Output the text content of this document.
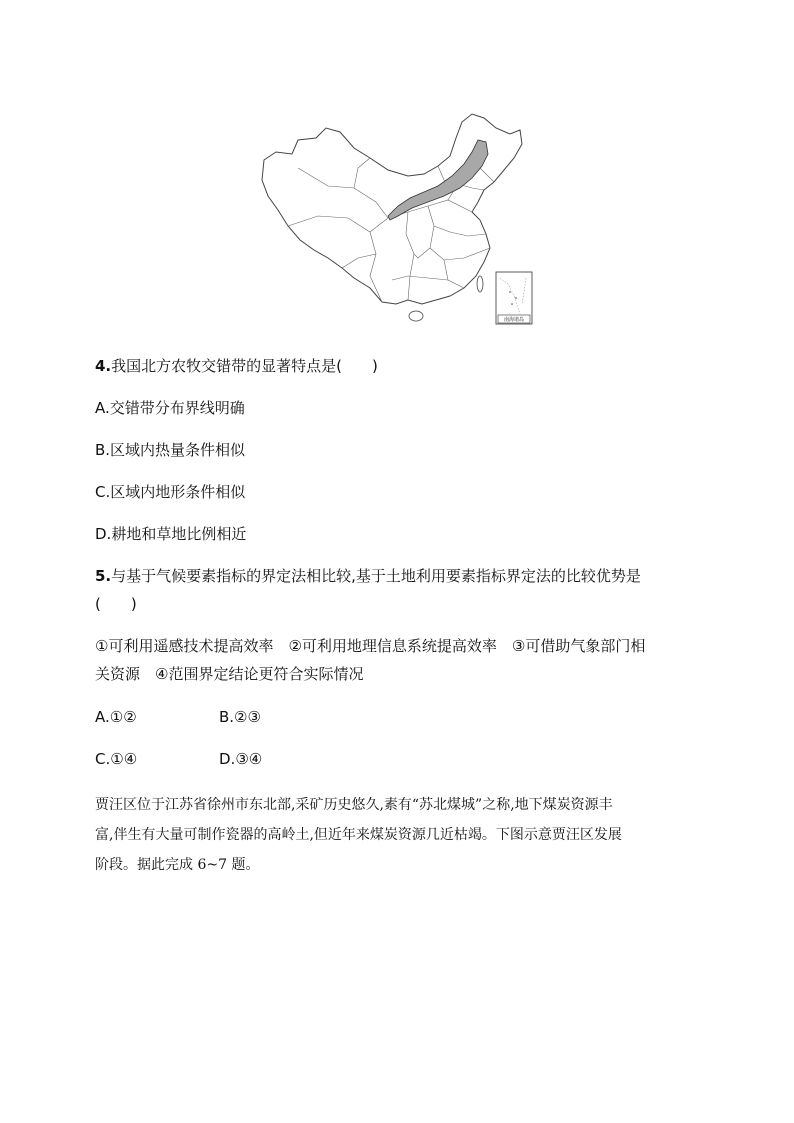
南海诸岛
4.我国北方农牧交错带的显著特点是(　　)
A.交错带分布界线明确
B.区域内热量条件相似
C.区域内地形条件相似
D.耕地和草地比例相近
5.与基于气候要素指标的界定法相比较,基于土地利用要素指标界定法的比较优势是
(　　)
①可利用遥感技术提高效率　②可利用地理信息系统提高效率　③可借助气象部门相
关资源　④范围界定结论更符合实际情况
A.①②	B.②③
C.①④	D.③④
贾汪区位于江苏省徐州市东北部,采矿历史悠久,素有“苏北煤城”之称,地下煤炭资源丰
富,伴生有大量可制作瓷器的高岭土,但近年来煤炭资源几近枯竭。下图示意贾汪区发展
阶段。据此完成 6~7 题。
